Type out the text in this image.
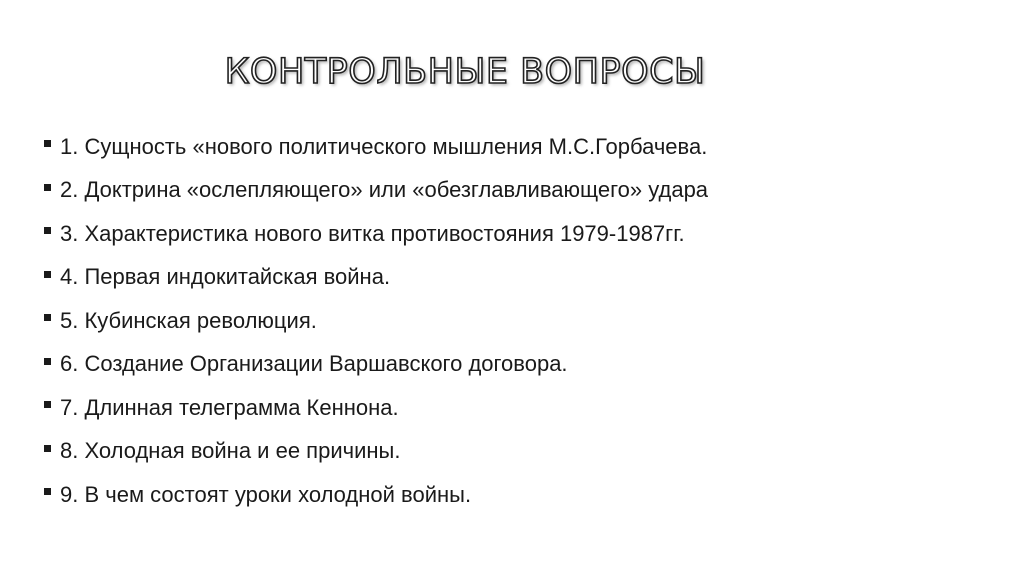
КОНТРОЛЬНЫЕ ВОПРОСЫ
1. Сущность «нового политического мышления М.С.Горбачева.
2. Доктрина «ослепляющего» или «обезглавливающего» удара
3. Характеристика нового витка противостояния 1979-1987гг.
4. Первая индокитайская война.
5. Кубинская революция.
6. Создание Организации Варшавского договора.
7. Длинная телеграмма Кеннона.
8. Холодная война и ее причины.
9. В чем состоят уроки холодной войны.
